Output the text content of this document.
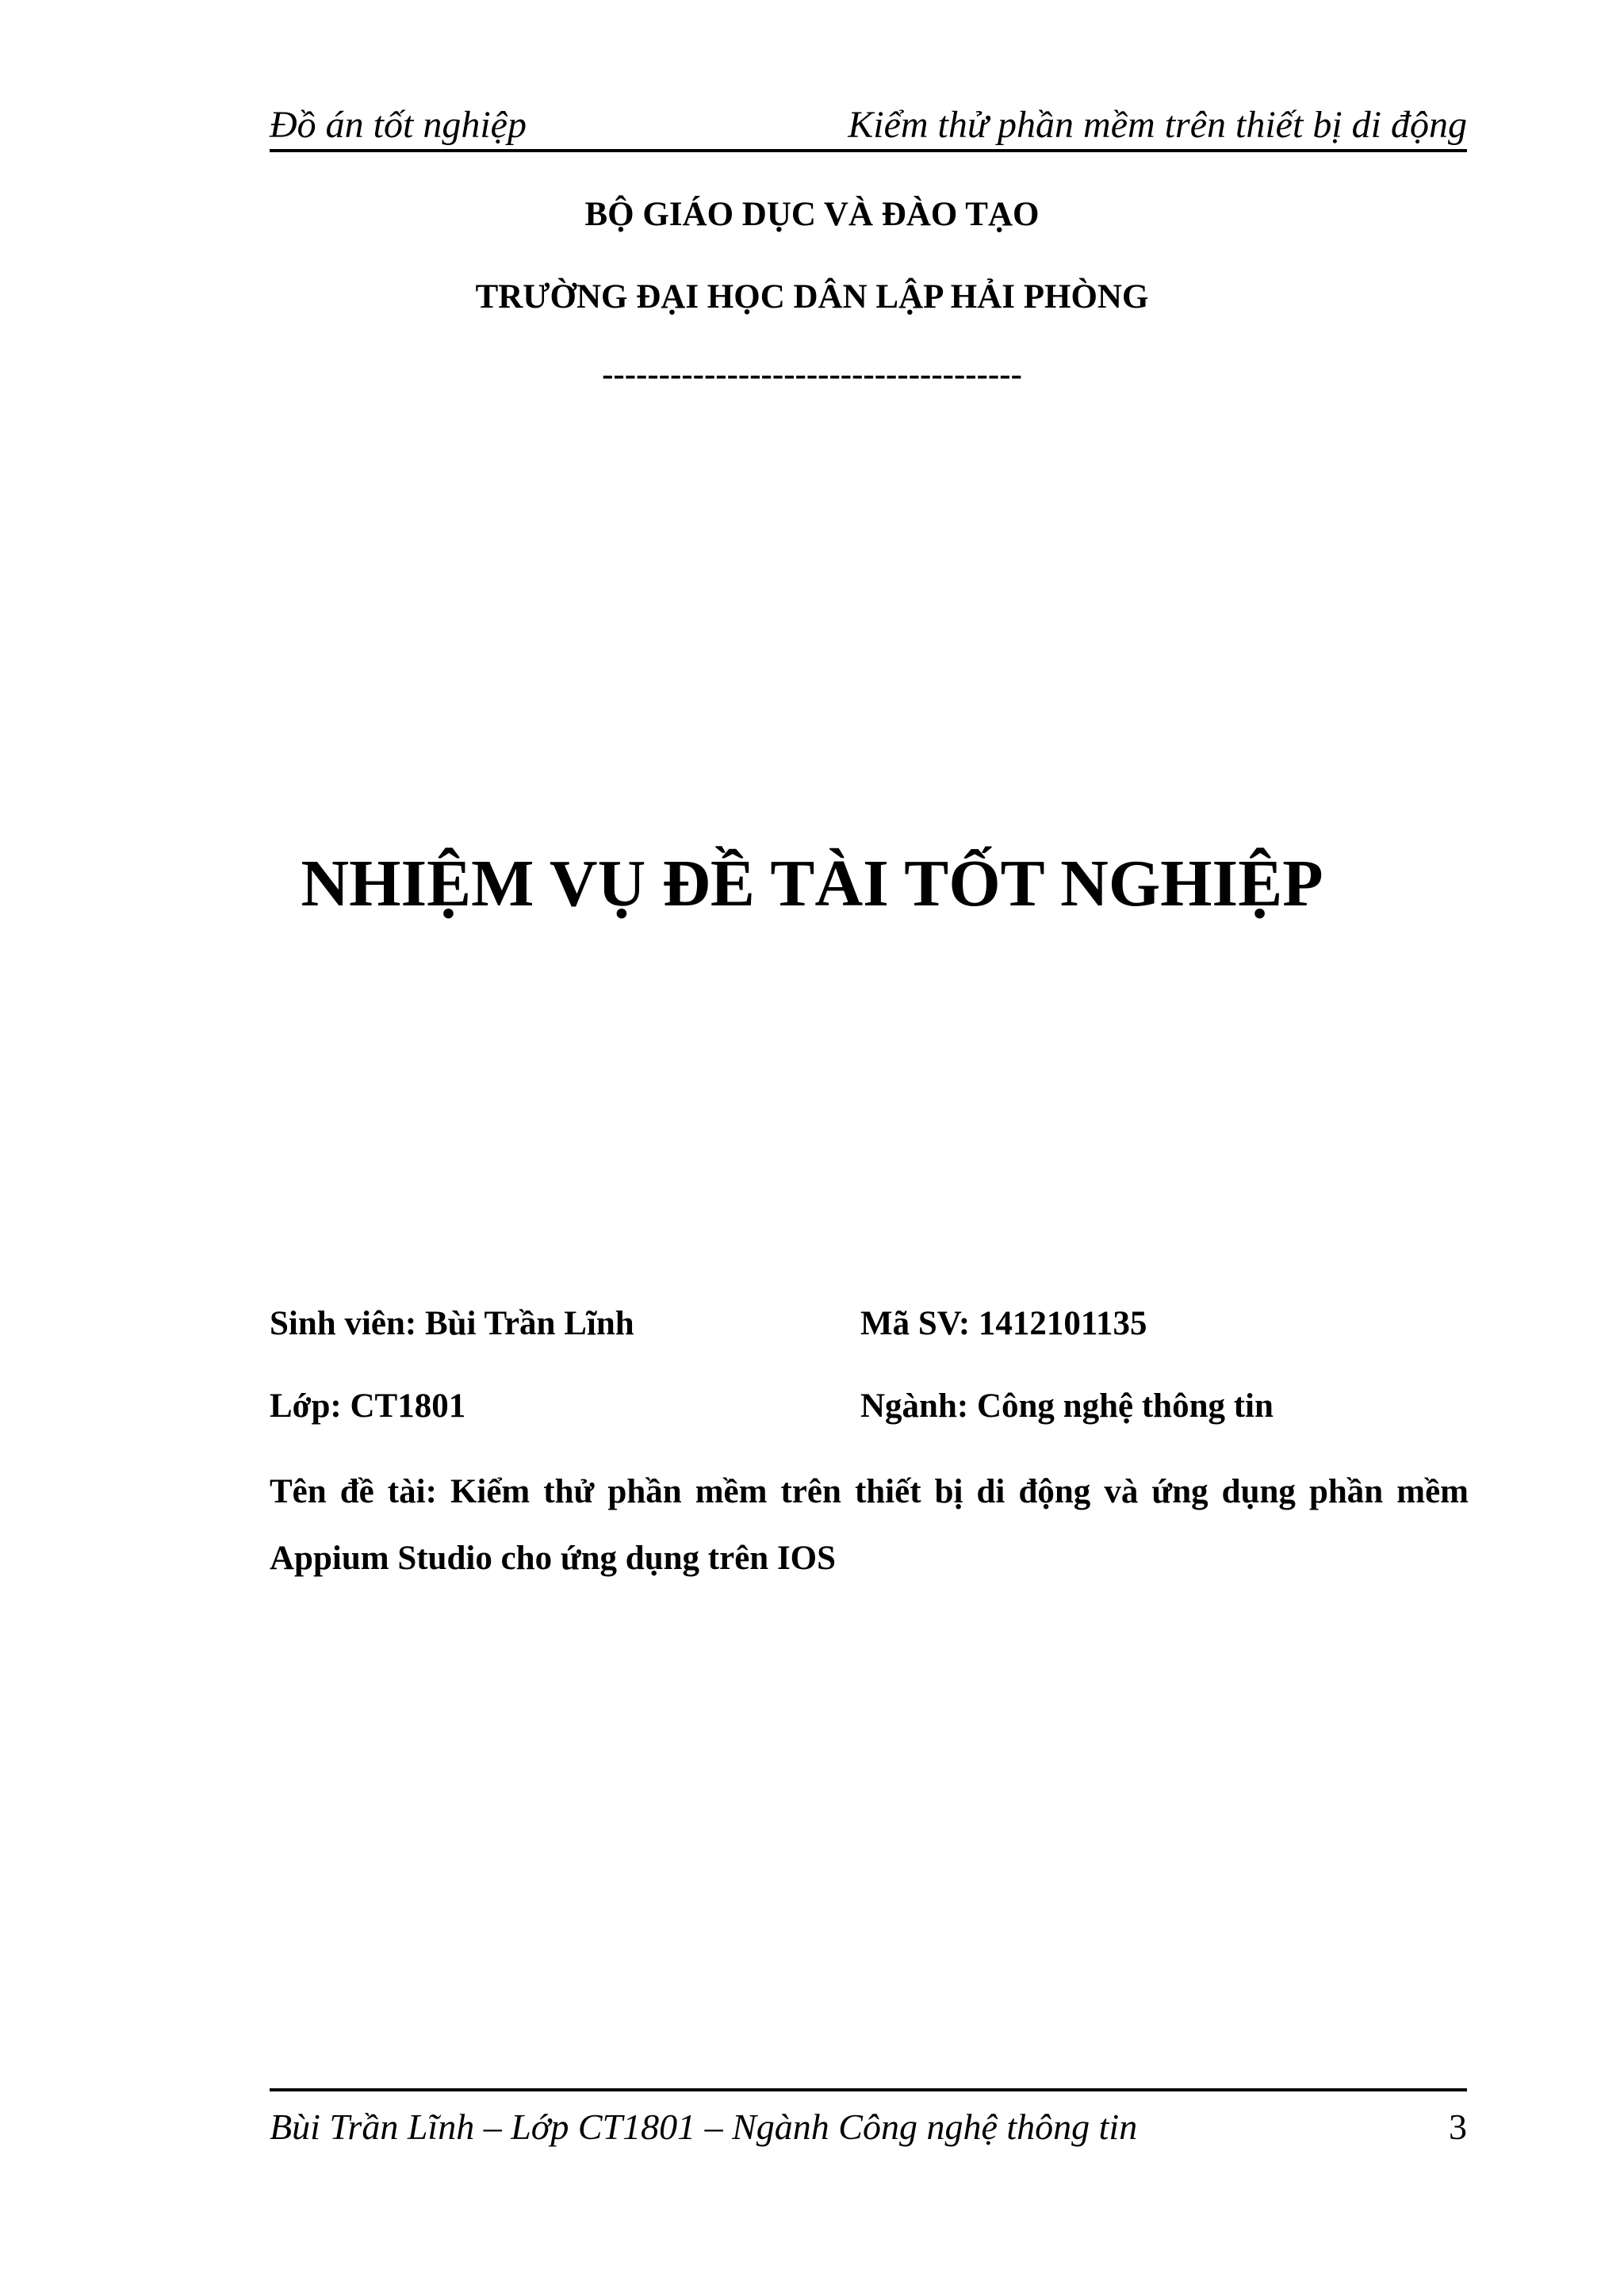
Đồ án tốt nghiệp	Kiểm thử phần mềm trên thiết bị di động
BỘ GIÁO DỤC VÀ ĐÀO TẠO
TRƯỜNG ĐẠI HỌC DÂN LẬP HẢI PHÒNG
-------------------------------------
NHIỆM VỤ ĐỀ TÀI TỐT NGHIỆP
Sinh viên: Bùi Trần Lĩnh	Mã SV: 1412101135
Lớp: CT1801	Ngành: Công nghệ thông tin
Tên đề tài: Kiểm thử phần mềm trên thiết bị di động và ứng dụng phần mềm Appium Studio cho ứng dụng trên IOS
Bùi Trần Lĩnh – Lớp CT1801 – Ngành Công nghệ thông tin	3
